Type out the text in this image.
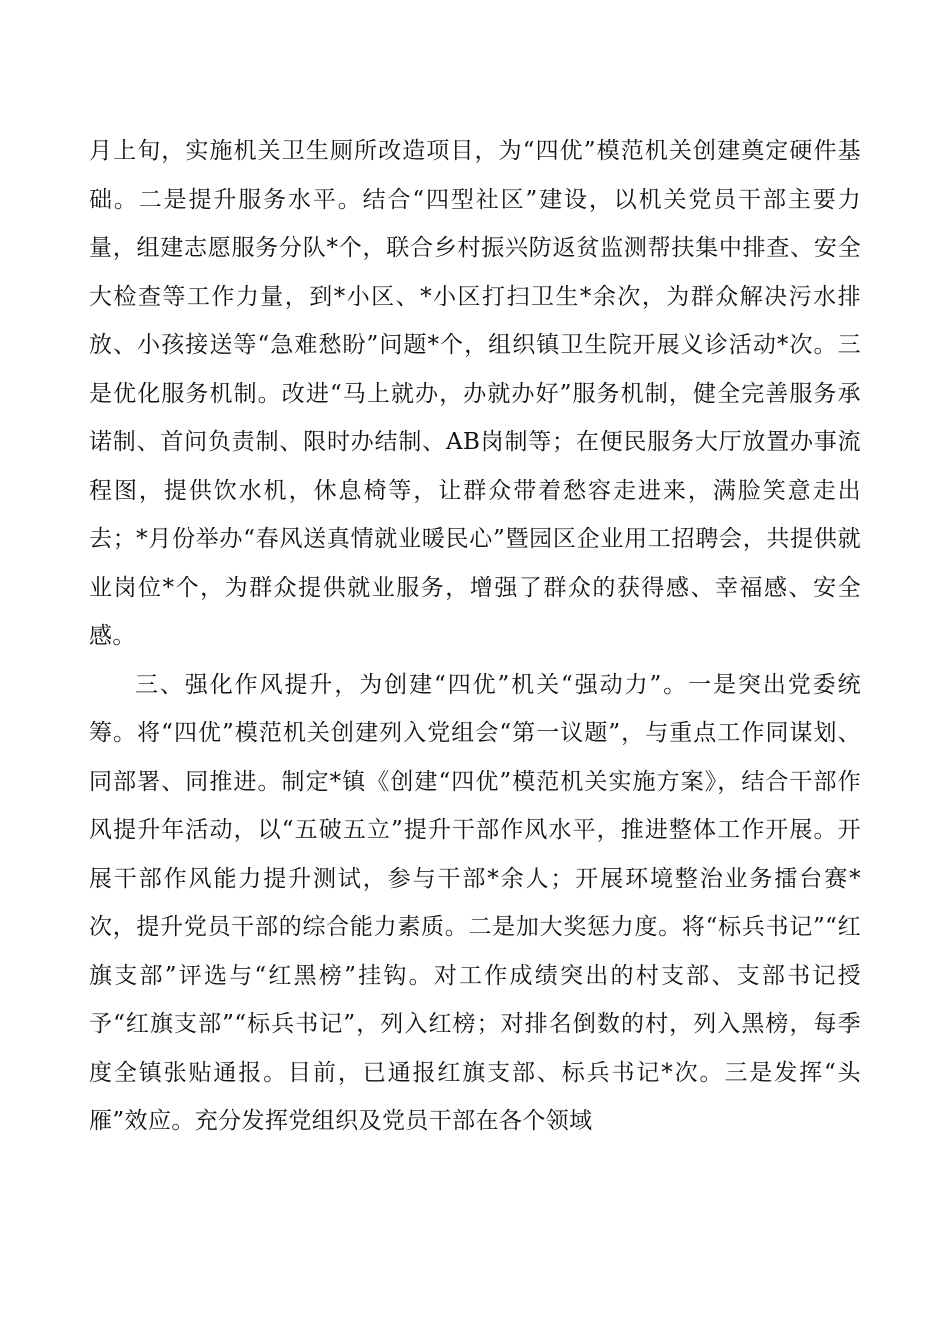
月上旬，实施机关卫生厕所改造项目，为“四优”模范机关创建奠定硬件基础。二是提升服务水平。结合“四型社区”建设，以机关党员干部主要力量，组建志愿服务分队*个，联合乡村振兴防返贫监测帮扶集中排查、安全大检查等工作力量，到*小区、*小区打扫卫生*余次，为群众解决污水排放、小孩接送等“急难愁盼”问题*个，组织镇卫生院开展义诊活动*次。三是优化服务机制。改进“马上就办，办就办好”服务机制，健全完善服务承诺制、首问负责制、限时办结制、AB岗制等；在便民服务大厅放置办事流程图，提供饮水机，休息椅等，让群众带着愁容走进来，满脸笑意走出去；*月份举办“春风送真情就业暖民心”暨园区企业用工招聘会，共提供就业岗位*个，为群众提供就业服务，增强了群众的获得感、幸福感、安全感。

三、强化作风提升，为创建“四优”机关“强动力”。一是突出党委统筹。将“四优”模范机关创建列入党组会“第一议题”，与重点工作同谋划、同部署、同推进。制定*镇《创建“四优”模范机关实施方案》，结合干部作风提升年活动，以“五破五立”提升干部作风水平，推进整体工作开展。开展干部作风能力提升测试，参与干部*余人；开展环境整治业务擂台赛*次，提升党员干部的综合能力素质。二是加大奖惩力度。将“标兵书记”“红旗支部”评选与“红黑榜”挂钩。对工作成绩突出的村支部、支部书记授予“红旗支部”“标兵书记”，列入红榜；对排名倒数的村，列入黑榜，每季度全镇张贴通报。目前，已通报红旗支部、标兵书记*次。三是发挥“头雁”效应。充分发挥党组织及党员干部在各个领域
